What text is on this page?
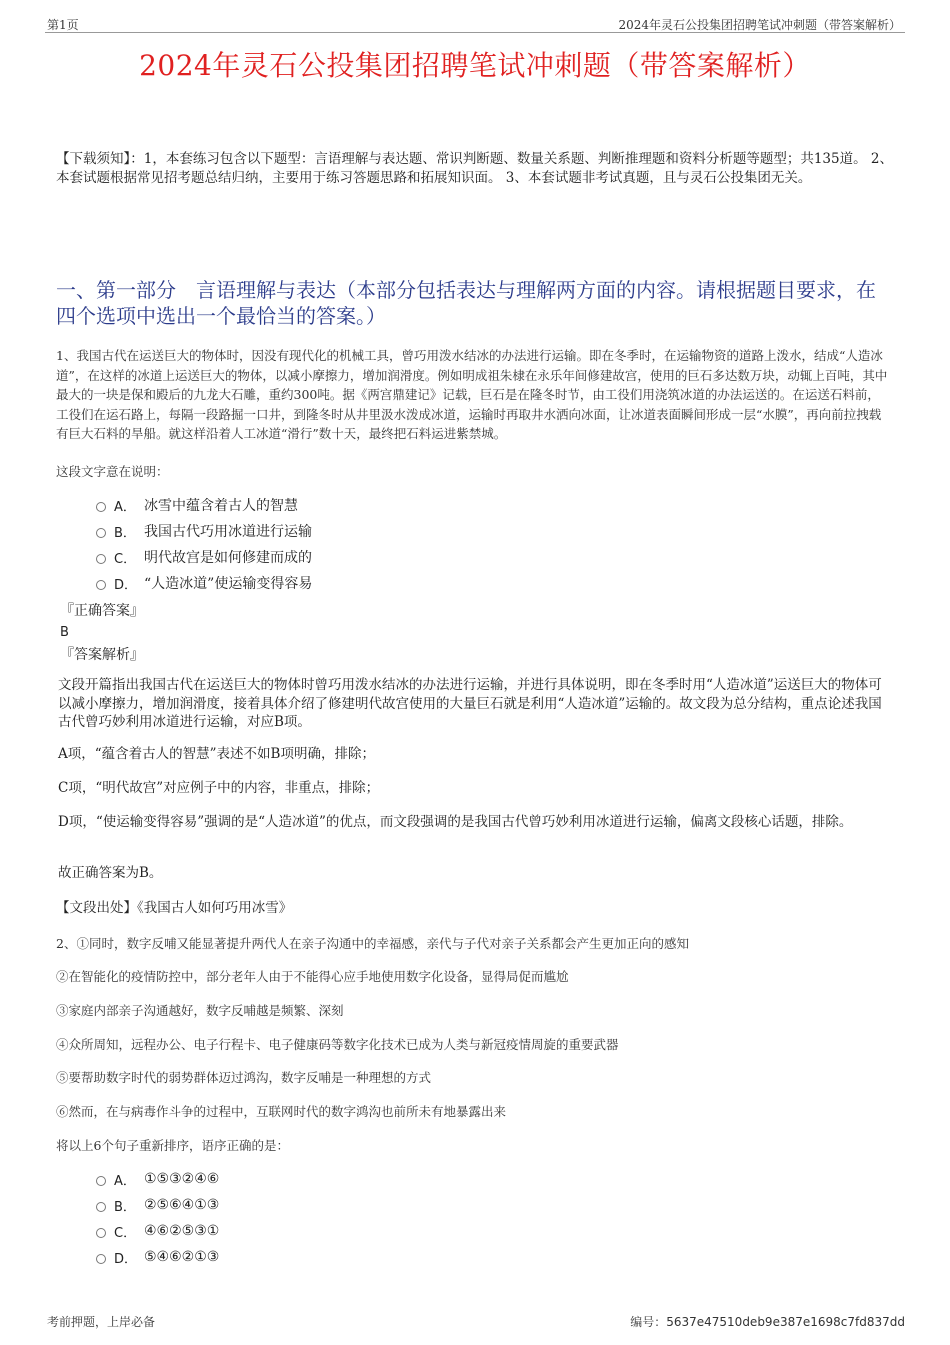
第1页	2024年灵石公投集团招聘笔试冲刺题（带答案解析）
2024年灵石公投集团招聘笔试冲刺题（带答案解析）
【下载须知】：1，本套练习包含以下题型：言语理解与表达题、常识判断题、数量关系题、判断推理题和资料分析题等题型；共135道。 2、本套试题根据常见招考题总结归纳，主要用于练习答题思路和拓展知识面。 3、本套试题非考试真题，且与灵石公投集团无关。
一、第一部分　言语理解与表达（本部分包括表达与理解两方面的内容。请根据题目要求，在四个选项中选出一个最恰当的答案。）
1、我国古代在运送巨大的物体时，因没有现代化的机械工具，曾巧用泼水结冰的办法进行运输。即在冬季时，在运输物资的道路上泼水，结成“人造冰道”，在这样的冰道上运送巨大的物体，以减小摩擦力，增加润滑度。例如明成祖朱棣在永乐年间修建故宫，使用的巨石多达数万块，动辄上百吨，其中最大的一块是保和殿后的九龙大石雕，重约300吨。据《两宫鼎建记》记载，巨石是在隆冬时节，由工役们用浇筑冰道的办法运送的。在运送石料前，工役们在运石路上，每隔一段路掘一口井，到隆冬时从井里汲水泼成冰道，运输时再取井水洒向冰面，让冰道表面瞬间形成一层“水膜”，再向前拉拽载有巨大石料的旱船。就这样沿着人工冰道“滑行”数十天，最终把石料运进紫禁城。
这段文字意在说明：
A． 冰雪中蕴含着古人的智慧
B． 我国古代巧用冰道进行运输
C． 明代故宫是如何修建而成的
D． “人造冰道”使运输变得容易
『正确答案』
B
『答案解析』
文段开篇指出我国古代在运送巨大的物体时曾巧用泼水结冰的办法进行运输，并进行具体说明，即在冬季时用“人造冰道”运送巨大的物体可以减小摩擦力，增加润滑度，接着具体介绍了修建明代故宫使用的大量巨石就是利用“人造冰道”运输的。故文段为总分结构，重点论述我国古代曾巧妙利用冰道进行运输，对应B项。
A项，“蕴含着古人的智慧”表述不如B项明确，排除；
C项，“明代故宫”对应例子中的内容，非重点，排除；
D项，“使运输变得容易”强调的是“人造冰道”的优点，而文段强调的是我国古代曾巧妙利用冰道进行运输，偏离文段核心话题，排除。
故正确答案为B。
【文段出处】《我国古人如何巧用冰雪》
2、①同时，数字反哺又能显著提升两代人在亲子沟通中的幸福感，亲代与子代对亲子关系都会产生更加正向的感知
②在智能化的疫情防控中，部分老年人由于不能得心应手地使用数字化设备，显得局促而尴尬
③家庭内部亲子沟通越好，数字反哺越是频繁、深刻
④众所周知，远程办公、电子行程卡、电子健康码等数字化技术已成为人类与新冠疫情周旋的重要武器
⑤要帮助数字时代的弱势群体迈过鸿沟，数字反哺是一种理想的方式
⑥然而，在与病毒作斗争的过程中，互联网时代的数字鸿沟也前所未有地暴露出来
将以上6个句子重新排序，语序正确的是：
A． ①⑤③②④⑥
B． ②⑤⑥④①③
C． ④⑥②⑤③①
D． ⑤④⑥②①③
考前押题，上岸必备	编号：5637e47510deb9e387e1698c7fd837dd
